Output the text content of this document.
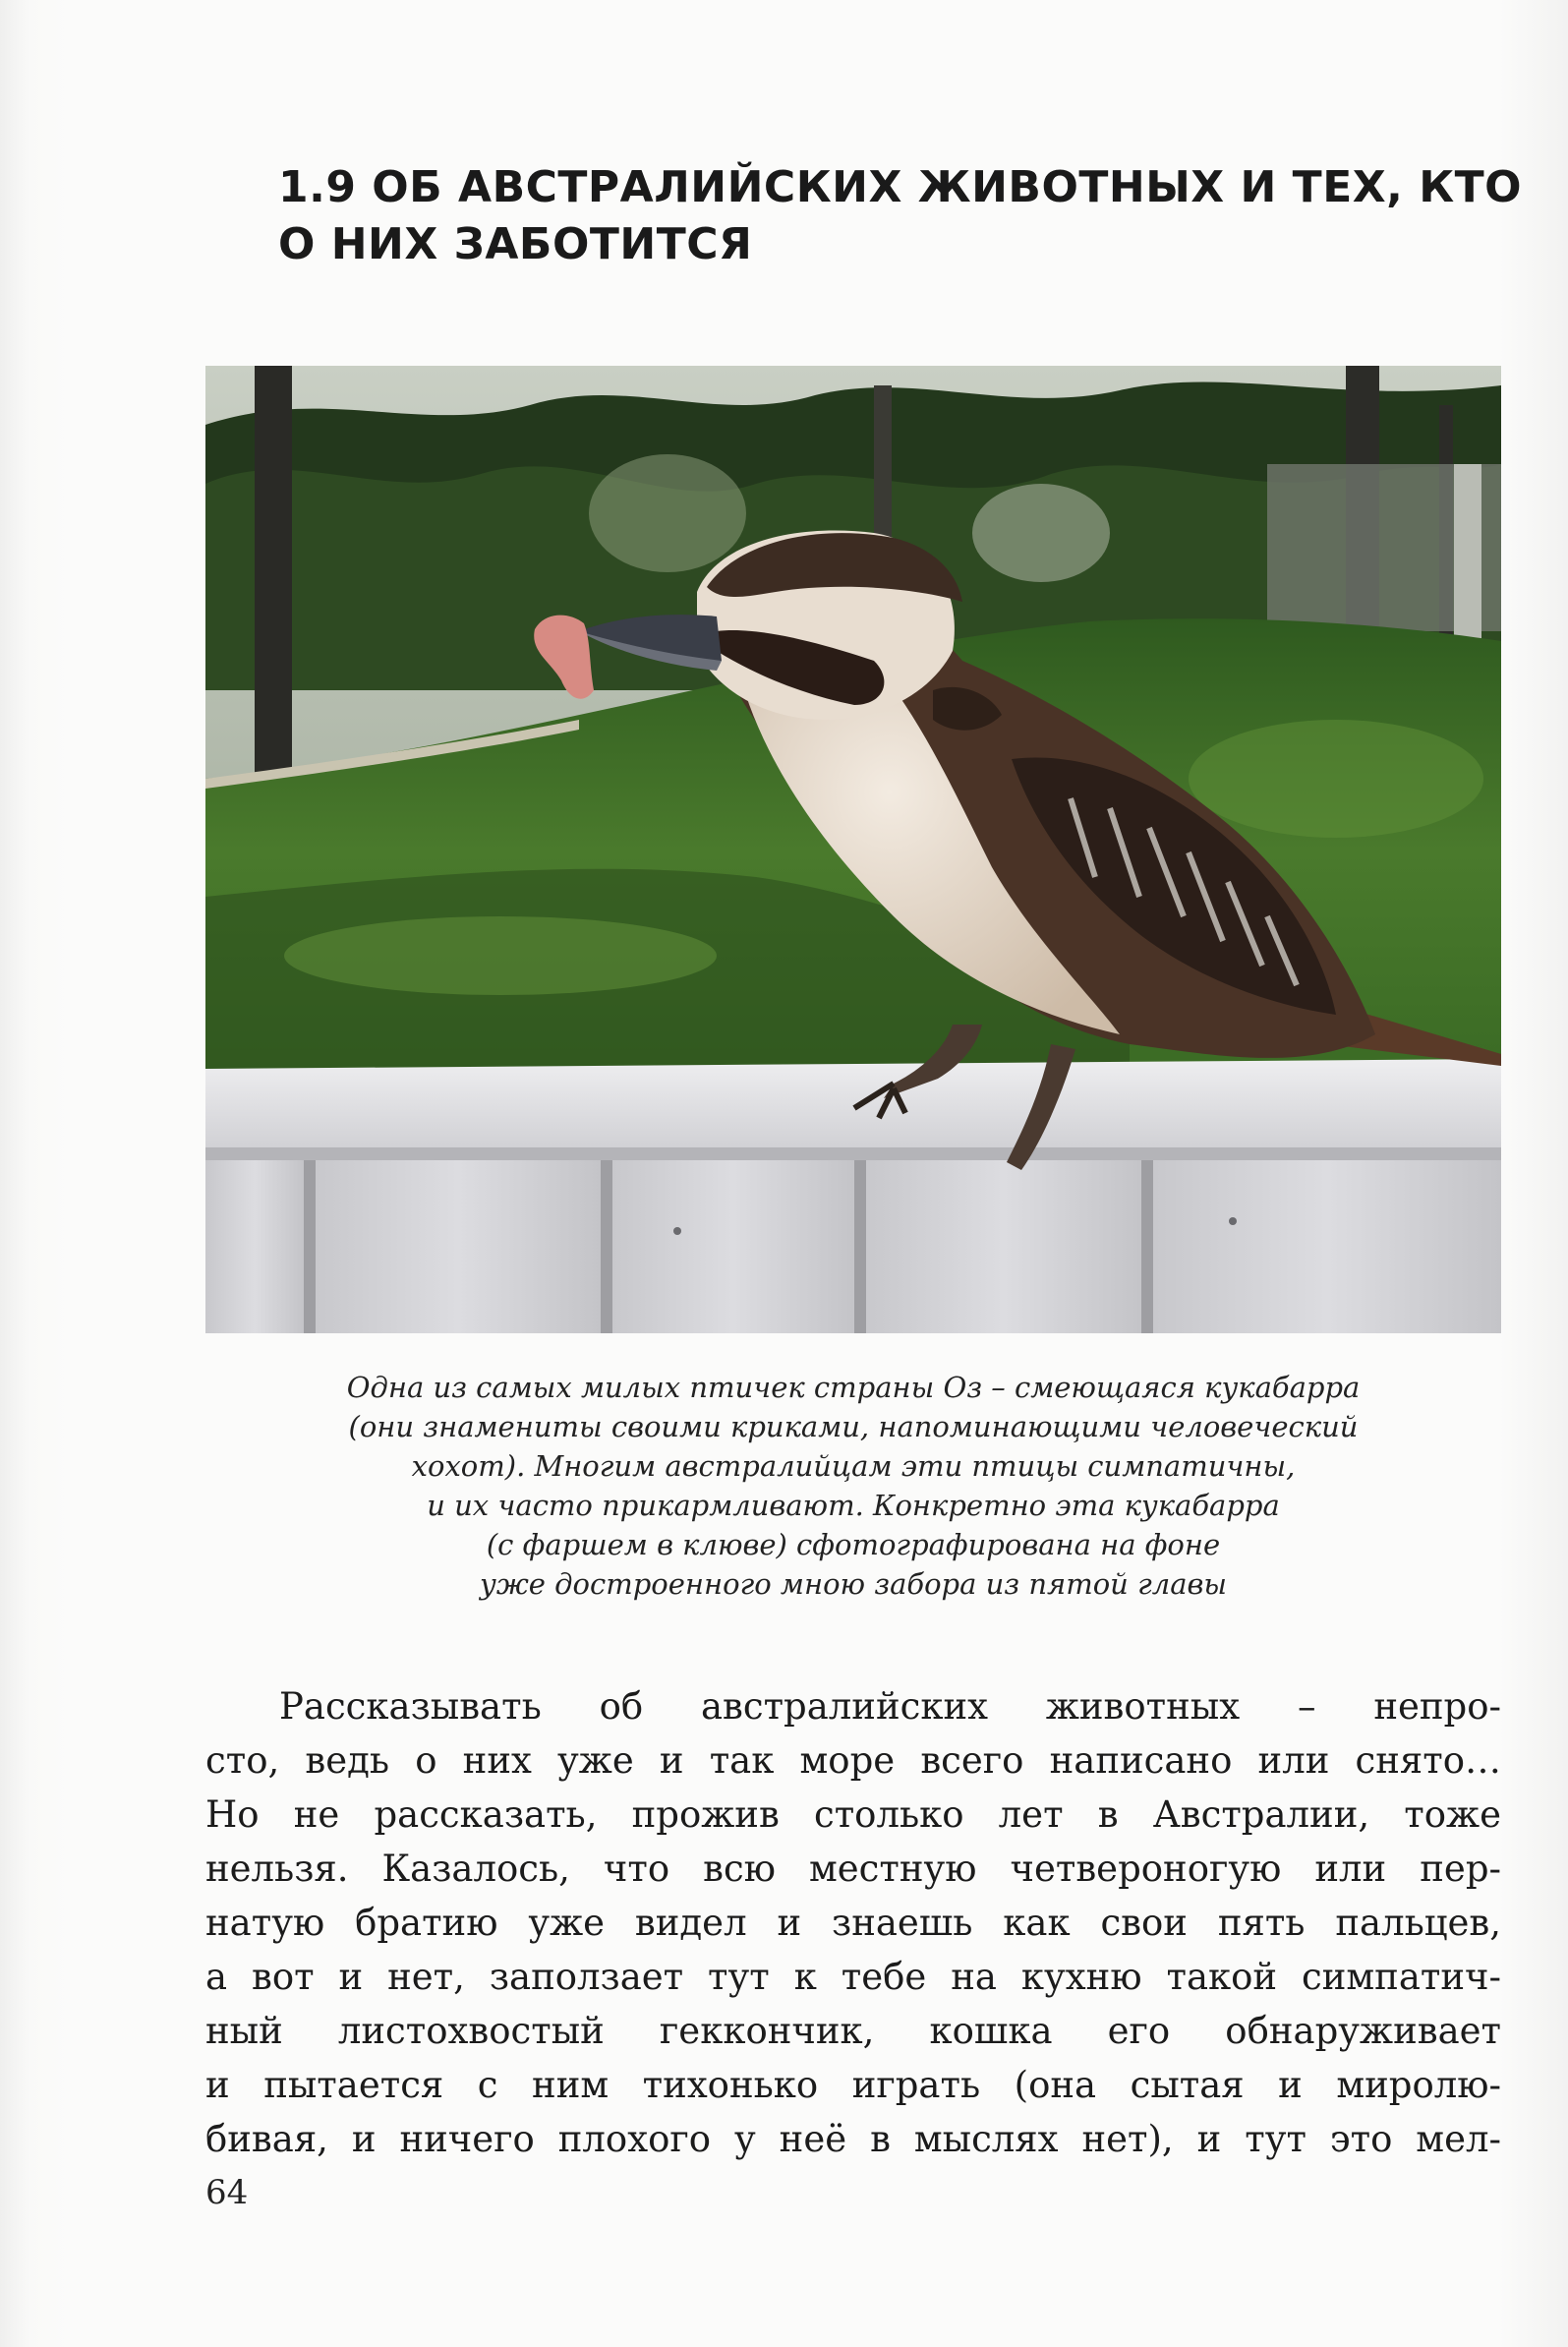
1.9 ОБ АВСТРАЛИЙСКИХ ЖИВОТНЫХ И ТЕХ, КТО
О НИХ ЗАБОТИТСЯ
Одна из самых милых птичек страны Оз – смеющаяся кукабарра
(они знамениты своими криками, напоминающими человеческий
хохот). Многим австралийцам эти птицы симпатичны,
и их часто прикармливают. Конкретно эта кукабарра
(с фаршем в клюве) сфотографирована на фоне
уже достроенного мною забора из пятой главы
Рассказывать об австралийских животных – непро-
сто, ведь о них уже и так море всего написано или снято…
Но не рассказать, прожив столько лет в Австралии, тоже
нельзя. Казалось, что всю местную четвероногую или пер-
натую братию уже видел и знаешь как свои пять пальцев,
а вот и нет, заползает тут к тебе на кухню такой симпатич-
ный листохвостый геккончик, кошка его обнаруживает
и пытается с ним тихонько играть (она сытая и миролю-
бивая, и ничего плохого у неё в мыслях нет), и тут это мел-
64
